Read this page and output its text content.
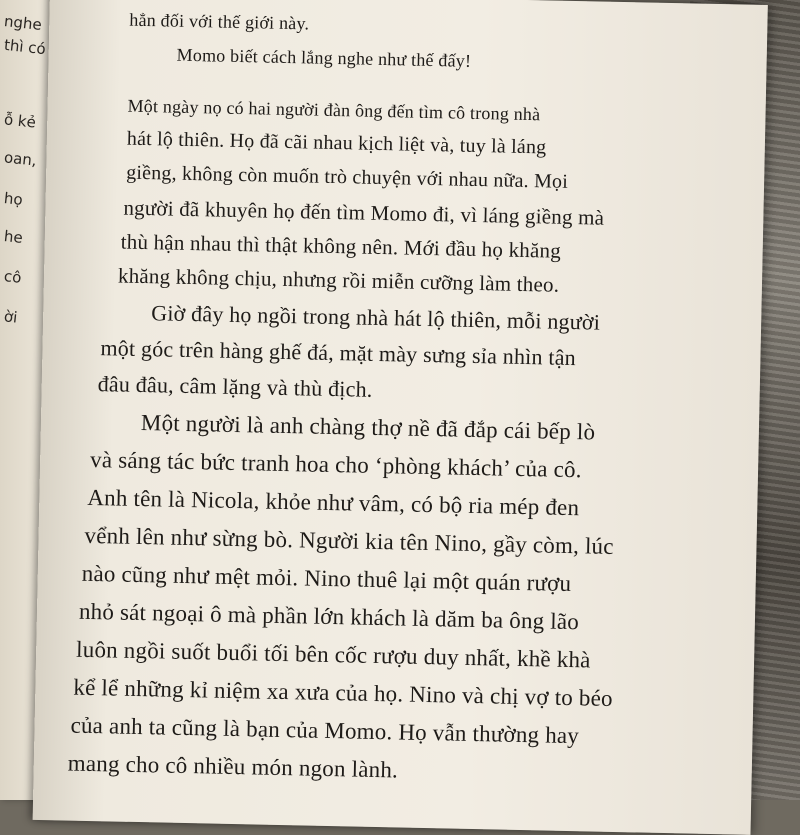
nghe
thì có
ỗ kẻ
oan,
họ
he
cô
ời
hẳn đối với thế giới này.
Momo biết cách lắng nghe như thế đấy!
Một ngày nọ có hai người đàn ông đến tìm cô trong nhà
hát lộ thiên. Họ đã cãi nhau kịch liệt và, tuy là láng
giềng, không còn muốn trò chuyện với nhau nữa. Mọi
người đã khuyên họ đến tìm Momo đi, vì láng giềng mà
thù hận nhau thì thật không nên. Mới đầu họ khăng
khăng không chịu, nhưng rồi miễn cưỡng làm theo.
Giờ đây họ ngồi trong nhà hát lộ thiên, mỗi người
một góc trên hàng ghế đá, mặt mày sưng sỉa nhìn tận
đâu đâu, câm lặng và thù địch.
Một người là anh chàng thợ nề đã đắp cái bếp lò
và sáng tác bức tranh hoa cho ‘phòng khách’ của cô.
Anh tên là Nicola, khỏe như vâm, có bộ ria mép đen
vểnh lên như sừng bò. Người kia tên Nino, gầy còm, lúc
nào cũng như mệt mỏi. Nino thuê lại một quán rượu
nhỏ sát ngoại ô mà phần lớn khách là dăm ba ông lão
luôn ngồi suốt buổi tối bên cốc rượu duy nhất, khề khà
kể lể những kỉ niệm xa xưa của họ. Nino và chị vợ to béo
của anh ta cũng là bạn của Momo. Họ vẫn thường hay
mang cho cô nhiều món ngon lành.
